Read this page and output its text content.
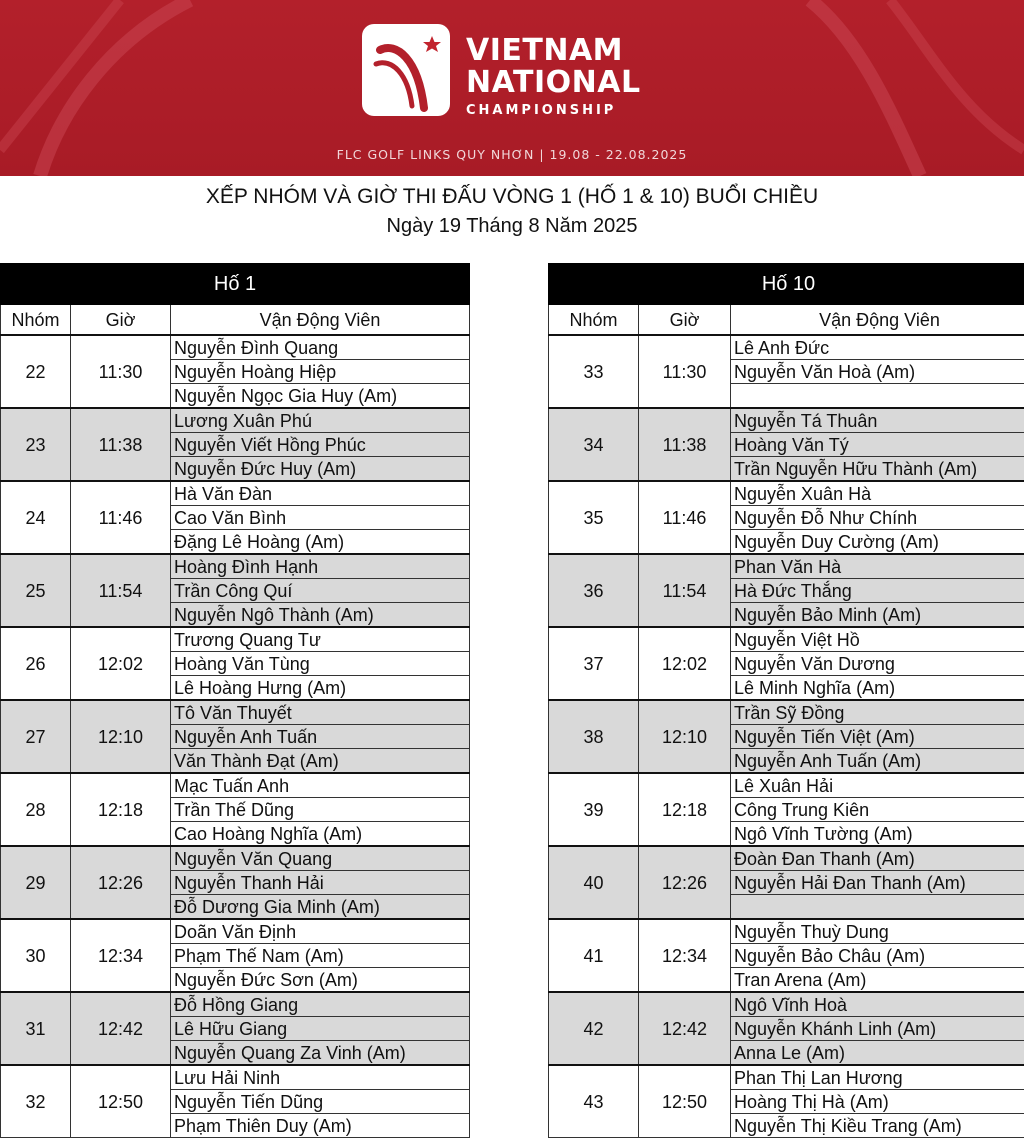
VIETNAM
NATIONAL
CHAMPIONSHIP
FLC GOLF LINKS QUY NHƠN | 19.08 - 22.08.2025
XẾP NHÓM VÀ GIỜ THI ĐẤU VÒNG 1 (HỐ 1 & 10) BUỔI CHIỀU
Ngày 19 Tháng 8 Năm 2025
Hố 1		
Nhóm	Giờ	Vận Động Viên
22	11:30	Nguyễn Đình Quang
		Nguyễn Hoàng Hiệp
		Nguyễn Ngọc Gia Huy (Am)
23	11:38	Lương Xuân Phú
		Nguyễn Viết Hồng Phúc
		Nguyễn Đức Huy (Am)
24	11:46	Hà Văn Đàn
		Cao Văn Bình
		Đặng Lê Hoàng (Am)
25	11:54	Hoàng Đình Hạnh
		Trần Công Quí
		Nguyễn Ngô Thành (Am)
26	12:02	Trương Quang Tư
		Hoàng Văn Tùng
		Lê Hoàng Hưng (Am)
27	12:10	Tô Văn Thuyết
		Nguyễn Anh Tuấn
		Văn Thành Đạt (Am)
28	12:18	Mạc Tuấn Anh
		Trần Thế Dũng
		Cao Hoàng Nghĩa (Am)
29	12:26	Nguyễn Văn Quang
		Nguyễn Thanh Hải
		Đỗ Dương Gia Minh (Am)
30	12:34	Doãn Văn Định
		Phạm Thế Nam (Am)
		Nguyễn Đức Sơn (Am)
31	12:42	Đỗ Hồng Giang
		Lê Hữu Giang
		Nguyễn Quang Za Vinh (Am)
32	12:50	Lưu Hải Ninh
		Nguyễn Tiến Dũng
		Phạm Thiên Duy (Am)
Hố 10		
Nhóm	Giờ	Vận Động Viên
33	11:30	Lê Anh Đức
		Nguyễn Văn Hoà (Am)

34	11:38	Nguyễn Tá Thuân
		Hoàng Văn Tý
		Trần Nguyễn Hữu Thành (Am)
35	11:46	Nguyễn Xuân Hà
		Nguyễn Đỗ Như Chính
		Nguyễn Duy Cường (Am)
36	11:54	Phan Văn Hà
		Hà Đức Thắng
		Nguyễn Bảo Minh (Am)
37	12:02	Nguyễn Việt Hồ
		Nguyễn Văn Dương
		Lê Minh Nghĩa (Am)
38	12:10	Trần Sỹ Đồng
		Nguyễn Tiến Việt (Am)
		Nguyễn Anh Tuấn (Am)
39	12:18	Lê Xuân Hải
		Công Trung Kiên
		Ngô Vĩnh Tường (Am)
40	12:26	Đoàn Đan Thanh (Am)
		Nguyễn Hải Đan Thanh (Am)

41	12:34	Nguyễn Thuỳ Dung
		Nguyễn Bảo Châu (Am)
		Tran Arena (Am)
42	12:42	Ngô Vĩnh Hoà
		Nguyễn Khánh Linh (Am)
		Anna Le (Am)
43	12:50	Phan Thị Lan Hương
		Hoàng Thị Hà (Am)
		Nguyễn Thị Kiều Trang (Am)
